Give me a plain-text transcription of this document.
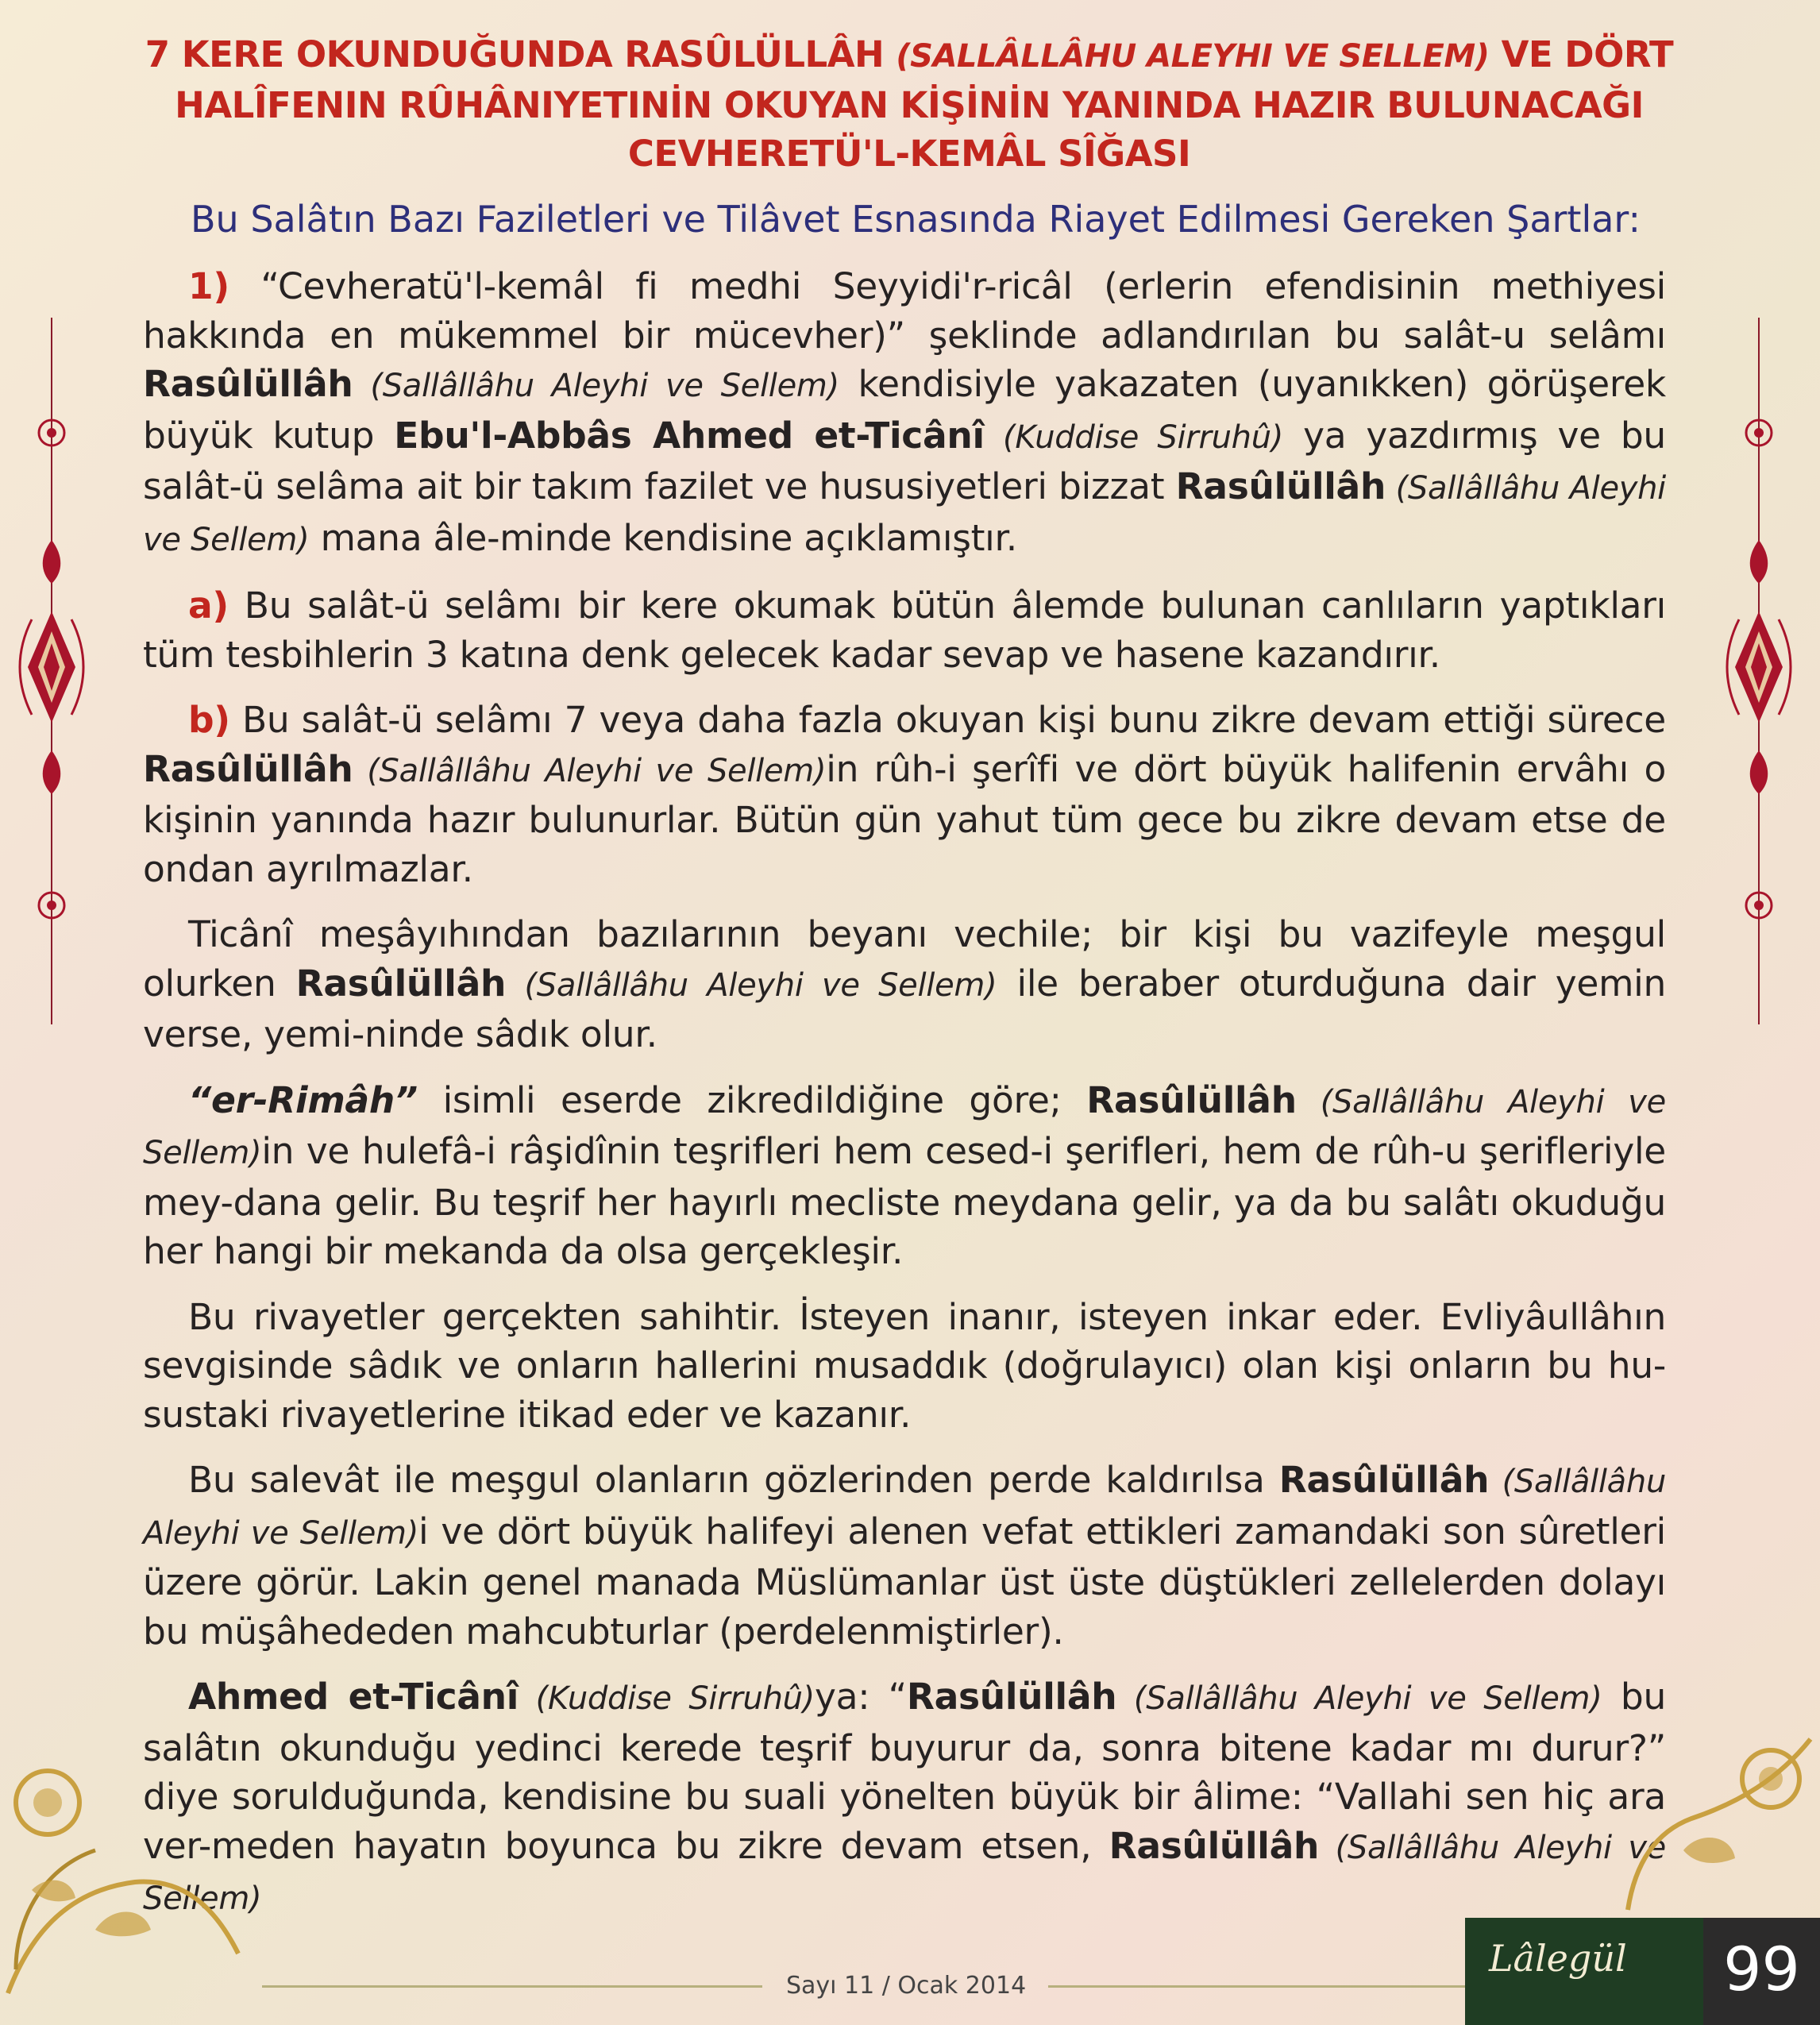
7 KERE OKUNDUĞUNDA RASÛLÜLLÂH (SALLÂLLÂHU ALEYHI VE SELLEM) VE DÖRT
HALÎFENIN RÛHÂNIYETINİN OKUYAN KİŞİNİN YANINDA HAZIR BULUNACAĞI
CEVHERETÜ'L-KEMÂL SÎĞASI
Bu Salâtın Bazı Faziletleri ve Tilâvet Esnasında Riayet Edilmesi Gereken Şartlar:

1) “Cevheratü'l-kemâl fi medhi Seyyidi'r-ricâl (erlerin efendisinin methiyesi hakkında en mükemmel bir mücevher)” şeklinde adlandırılan bu salât-u selâmı Rasûlüllâh (Sallâllâhu Aleyhi ve Sellem) kendisiyle yakazaten (uyanıkken) görüşerek büyük kutup Ebu'l-Abbâs Ahmed et-Ticânî (Kuddise Sirruhû) ya yazdırmış ve bu salât-ü selâma ait bir takım fazilet ve hususiyetleri bizzat Rasûlüllâh (Sallâllâhu Aleyhi ve Sellem) mana âle-minde kendisine açıklamıştır.

a) Bu salât-ü selâmı bir kere okumak bütün âlemde bulunan canlıların yaptıkları tüm tesbihlerin 3 katına denk gelecek kadar sevap ve hasene kazandırır.

b) Bu salât-ü selâmı 7 veya daha fazla okuyan kişi bunu zikre devam ettiği sürece Rasûlüllâh (Sallâllâhu Aleyhi ve Sellem)in rûh-i şerîfi ve dört büyük halifenin ervâhı o kişinin yanında hazır bulunurlar. Bütün gün yahut tüm gece bu zikre devam etse de ondan ayrılmazlar.

Ticânî meşâyıhından bazılarının beyanı vechile; bir kişi bu vazifeyle meşgul olurken Rasûlüllâh (Sallâllâhu Aleyhi ve Sellem) ile beraber oturduğuna dair yemin verse, yemi-ninde sâdık olur.

“er-Rimâh” isimli eserde zikredildiğine göre; Rasûlüllâh (Sallâllâhu Aleyhi ve Sellem)in ve hulefâ-i râşidînin teşrifleri hem cesed-i şerifleri, hem de rûh-u şerifleriyle mey-dana gelir. Bu teşrif her hayırlı mecliste meydana gelir, ya da bu salâtı okuduğu her hangi bir mekanda da olsa gerçekleşir.

Bu rivayetler gerçekten sahihtir. İsteyen inanır, isteyen inkar eder. Evliyâullâhın sevgisinde sâdık ve onların hallerini musaddık (doğrulayıcı) olan kişi onların bu hu-sustaki rivayetlerine itikad eder ve kazanır.

Bu salevât ile meşgul olanların gözlerinden perde kaldırılsa Rasûlüllâh (Sallâllâhu Aleyhi ve Sellem)i ve dört büyük halifeyi alenen vefat ettikleri zamandaki son sûretleri üzere görür. Lakin genel manada Müslümanlar üst üste düştükleri zellelerden dolayı bu müşâhededen mahcubturlar (perdelenmiştirler).

Ahmed et-Ticânî (Kuddise Sirruhû)ya: “Rasûlüllâh (Sallâllâhu Aleyhi ve Sellem) bu salâtın okunduğu yedinci kerede teşrif buyurur da, sonra bitene kadar mı durur?” diye sorulduğunda, kendisine bu suali yönelten büyük bir âlime: “Vallahi sen hiç ara ver-meden hayatın boyunca bu zikre devam etsen, Rasûlüllâh (Sallâllâhu Aleyhi ve Sellem)

Sayı 11 / Ocak 2014
Lâlegül	99
